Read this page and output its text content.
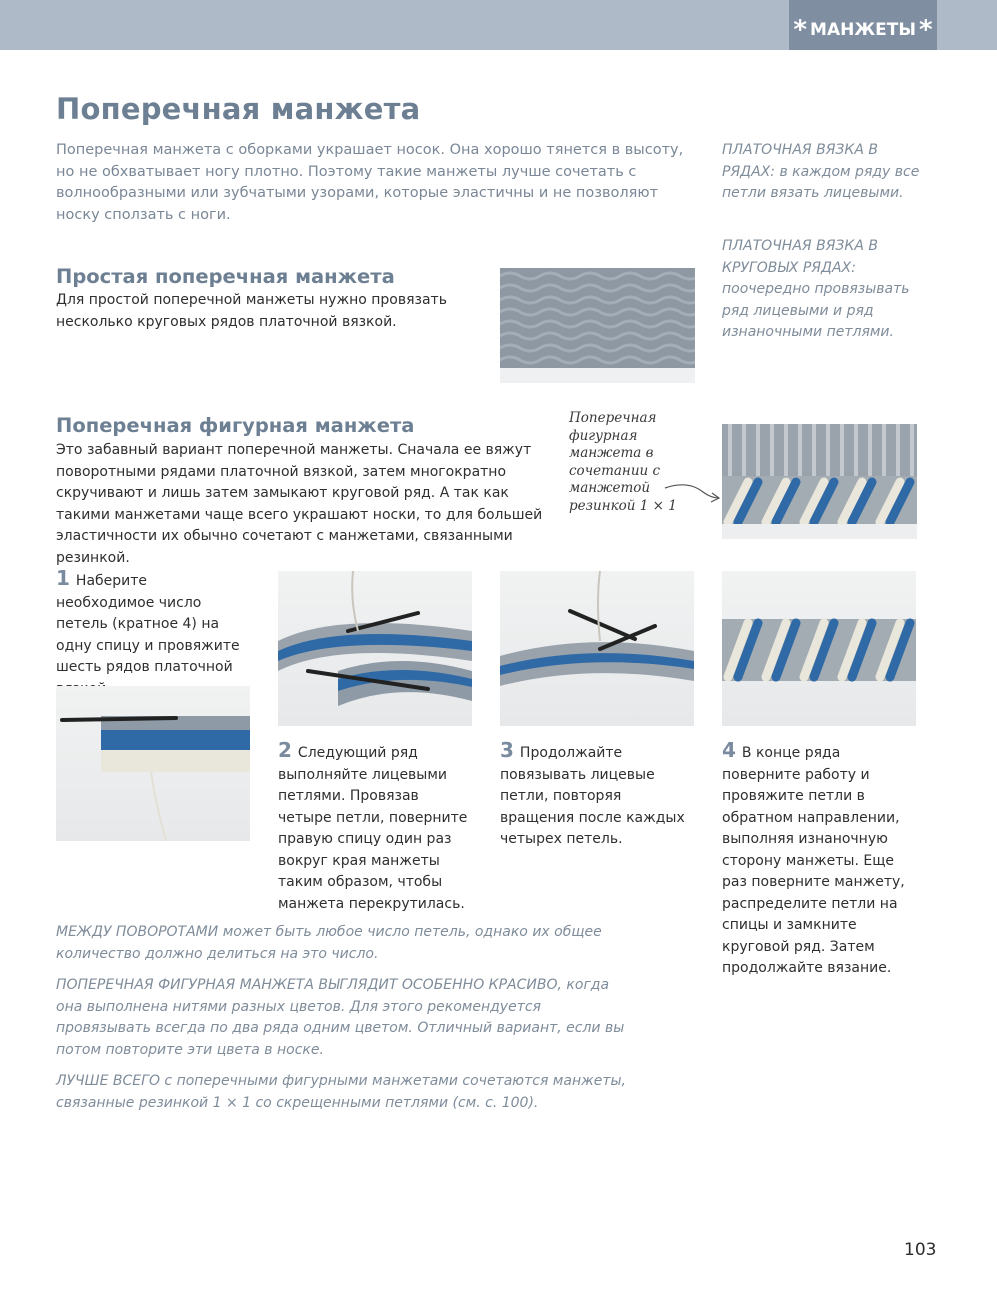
* МАНЖЕТЫ *
Поперечная манжета

Поперечная манжета с оборками украшает носок. Она хорошо тянется в высоту, но не обхватывает ногу плотно. Поэтому такие манжеты лучше сочетать с волнообразными или зубчатыми узорами, которые эластичны и не позволяют носку сползать с ноги.

ПЛАТОЧНАЯ ВЯЗКА В РЯДАХ: в каждом ряду все петли вязать лицевыми.

ПЛАТОЧНАЯ ВЯЗКА В КРУГОВЫХ РЯДАХ: поочередно провязывать ряд лицевыми и ряд изнаночными петлями.

Простая поперечная манжета

Для простой поперечной манжеты нужно провязать несколько круговых рядов платочной вязкой.

Поперечная фигурная манжета

Это забавный вариант поперечной манжеты. Сначала ее вяжут поворотными рядами платочной вязкой, затем многократно скручивают и лишь затем замыкают круговой ряд. А так как такими манжетами чаще всего украшают носки, то для большей эластичности их обычно сочетают с манжетами, связанными резинкой.

Поперечная фигурная манжета в сочетании с манжетой резинкой 1 × 1

1 Наберите необходимое число петель (кратное 4) на одну спицу и провяжите шесть рядов платочной

2 Следующий ряд выполняйте лицевыми петлями. Провязав четыре петли, поверните правую спицу один раз вокруг края манжеты таким образом, чтобы манжета перекрутилась.

3 Продолжайте повязывать лицевые петли, повторяя вращения после каждых четырех петель.

4 В конце ряда поверните работу и провяжите петли в обратном направлении, выполняя изнаночную сторону манжеты. Еще раз поверните манжету, распределите петли на спицы и замкните круговой ряд. Затем продолжайте вязание.

МЕЖДУ ПОВОРОТАМИ может быть любое число петель, однако их общее количество должно делиться на это число.

ПОПЕРЕЧНАЯ ФИГУРНАЯ МАНЖЕТА ВЫГЛЯДИТ ОСОБЕННО КРАСИВО, когда она выполнена нитями разных цветов. Для этого рекомендуется провязывать всегда по два ряда одним цветом. Отличный вариант, если вы потом повторите эти цвета в носке.

ЛУЧШЕ ВСЕГО с поперечными фигурными манжетами сочетаются манжеты, связанные резинкой 1 × 1 со скрещенными петлями (см. с. 100).

103
